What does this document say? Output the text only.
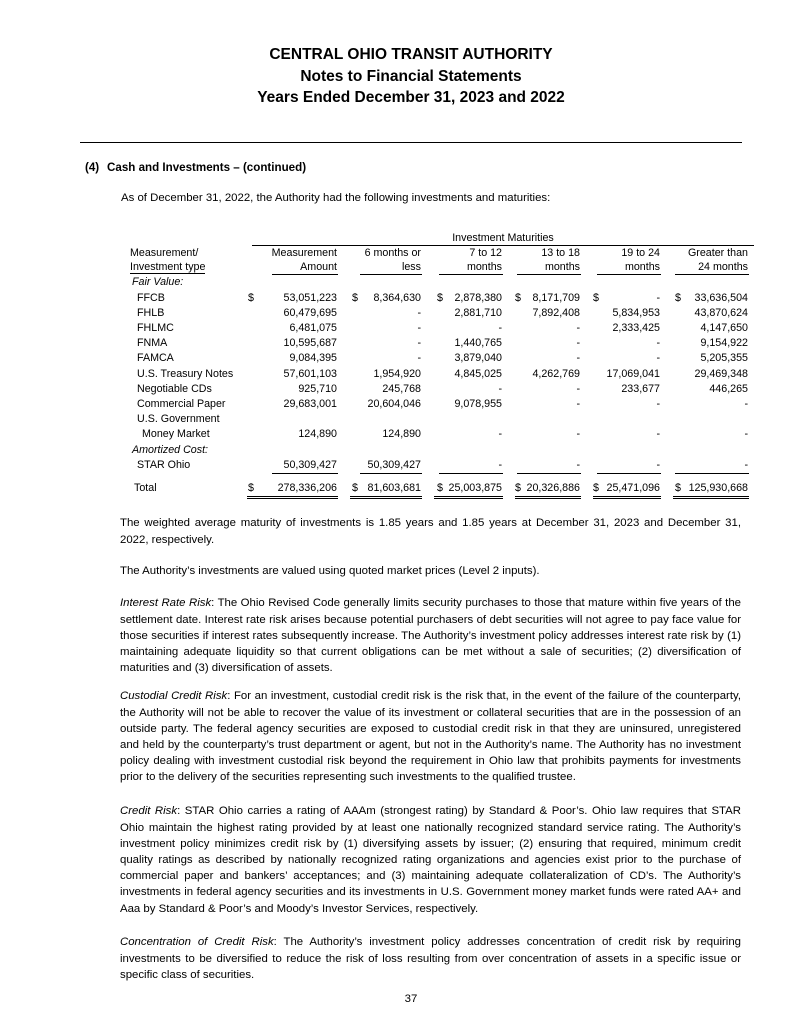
CENTRAL OHIO TRANSIT AUTHORITY
Notes to Financial Statements
Years Ended December 31, 2023 and 2022
(4) Cash and Investments – (continued)
As of December 31, 2022, the Authority had the following investments and maturities:
Investment Maturities
Measurement/	Measurement	6 months or	7 to 12	13 to 18	19 to 24	Greater than
Investment type	Amount	less	months	months	months	24 months
Fair Value:
FFCB	$	53,051,223 $	8,364,630 $	2,878,380 $	8,171,709 $	- $	33,636,504
FHLB	60,479,695	-	2,881,710	7,892,408	5,834,953	43,870,624
FHLMC	6,481,075	-	-	-	2,333,425	4,147,650
FNMA	10,595,687	-	1,440,765	-	-	9,154,922
FAMCA	9,084,395	-	3,879,040	-	-	5,205,355
U.S. Treasury Notes	57,601,103	1,954,920	4,845,025	4,262,769	17,069,041	29,469,348
Negotiable CDs	925,710	245,768	-	-	233,677	446,265
Commercial Paper	29,683,001	20,604,046	9,078,955	-	-	-
U.S. Government
Money Market	124,890	124,890	-	-	-	-
Amortized Cost:
STAR Ohio	50,309,427	50,309,427	-	-	-	-
Total	$	278,336,206 $ 81,603,681 $ 25,003,875 $ 20,326,886 $ 25,471,096 $ 125,930,668

The weighted average maturity of investments is 1.85 years and 1.85 years at December 31, 2023 and December 31, 2022, respectively.

The Authority’s investments are valued using quoted market prices (Level 2 inputs).

Interest Rate Risk: The Ohio Revised Code generally limits security purchases to those that mature within five years of the settlement date. Interest rate risk arises because potential purchasers of debt securities will not agree to pay face value for those securities if interest rates subsequently increase. The Authority’s investment policy addresses interest rate risk by (1) maintaining adequate liquidity so that current obligations can be met without a sale of securities; (2) diversification of maturities and (3) diversification of assets.

Custodial Credit Risk: For an investment, custodial credit risk is the risk that, in the event of the failure of the counterparty, the Authority will not be able to recover the value of its investment or collateral securities that are in the possession of an outside party. The federal agency securities are exposed to custodial credit risk in that they are uninsured, unregistered and held by the counterparty’s trust department or agent, but not in the Authority’s name. The Authority has no investment policy dealing with investment custodial risk beyond the requirement in Ohio law that prohibits payments for investments prior to the delivery of the securities representing such investments to the qualified trustee.

Credit Risk: STAR Ohio carries a rating of AAAm (strongest rating) by Standard & Poor’s. Ohio law requires that STAR Ohio maintain the highest rating provided by at least one nationally recognized standard service rating. The Authority’s investment policy minimizes credit risk by (1) diversifying assets by issuer; (2) ensuring that required, minimum credit quality ratings as described by nationally recognized rating organizations and agencies exist prior to the purchase of commercial paper and bankers’ acceptances; and (3) maintaining adequate collateralization of CD’s. The Authority’s investments in federal agency securities and its investments in U.S. Government money market funds were rated AA+ and Aaa by Standard & Poor’s and Moody’s Investor Services, respectively.

Concentration of Credit Risk: The Authority’s investment policy addresses concentration of credit risk by requiring investments to be diversified to reduce the risk of loss resulting from over concentration of assets in a specific issue or specific class of securities.

37
